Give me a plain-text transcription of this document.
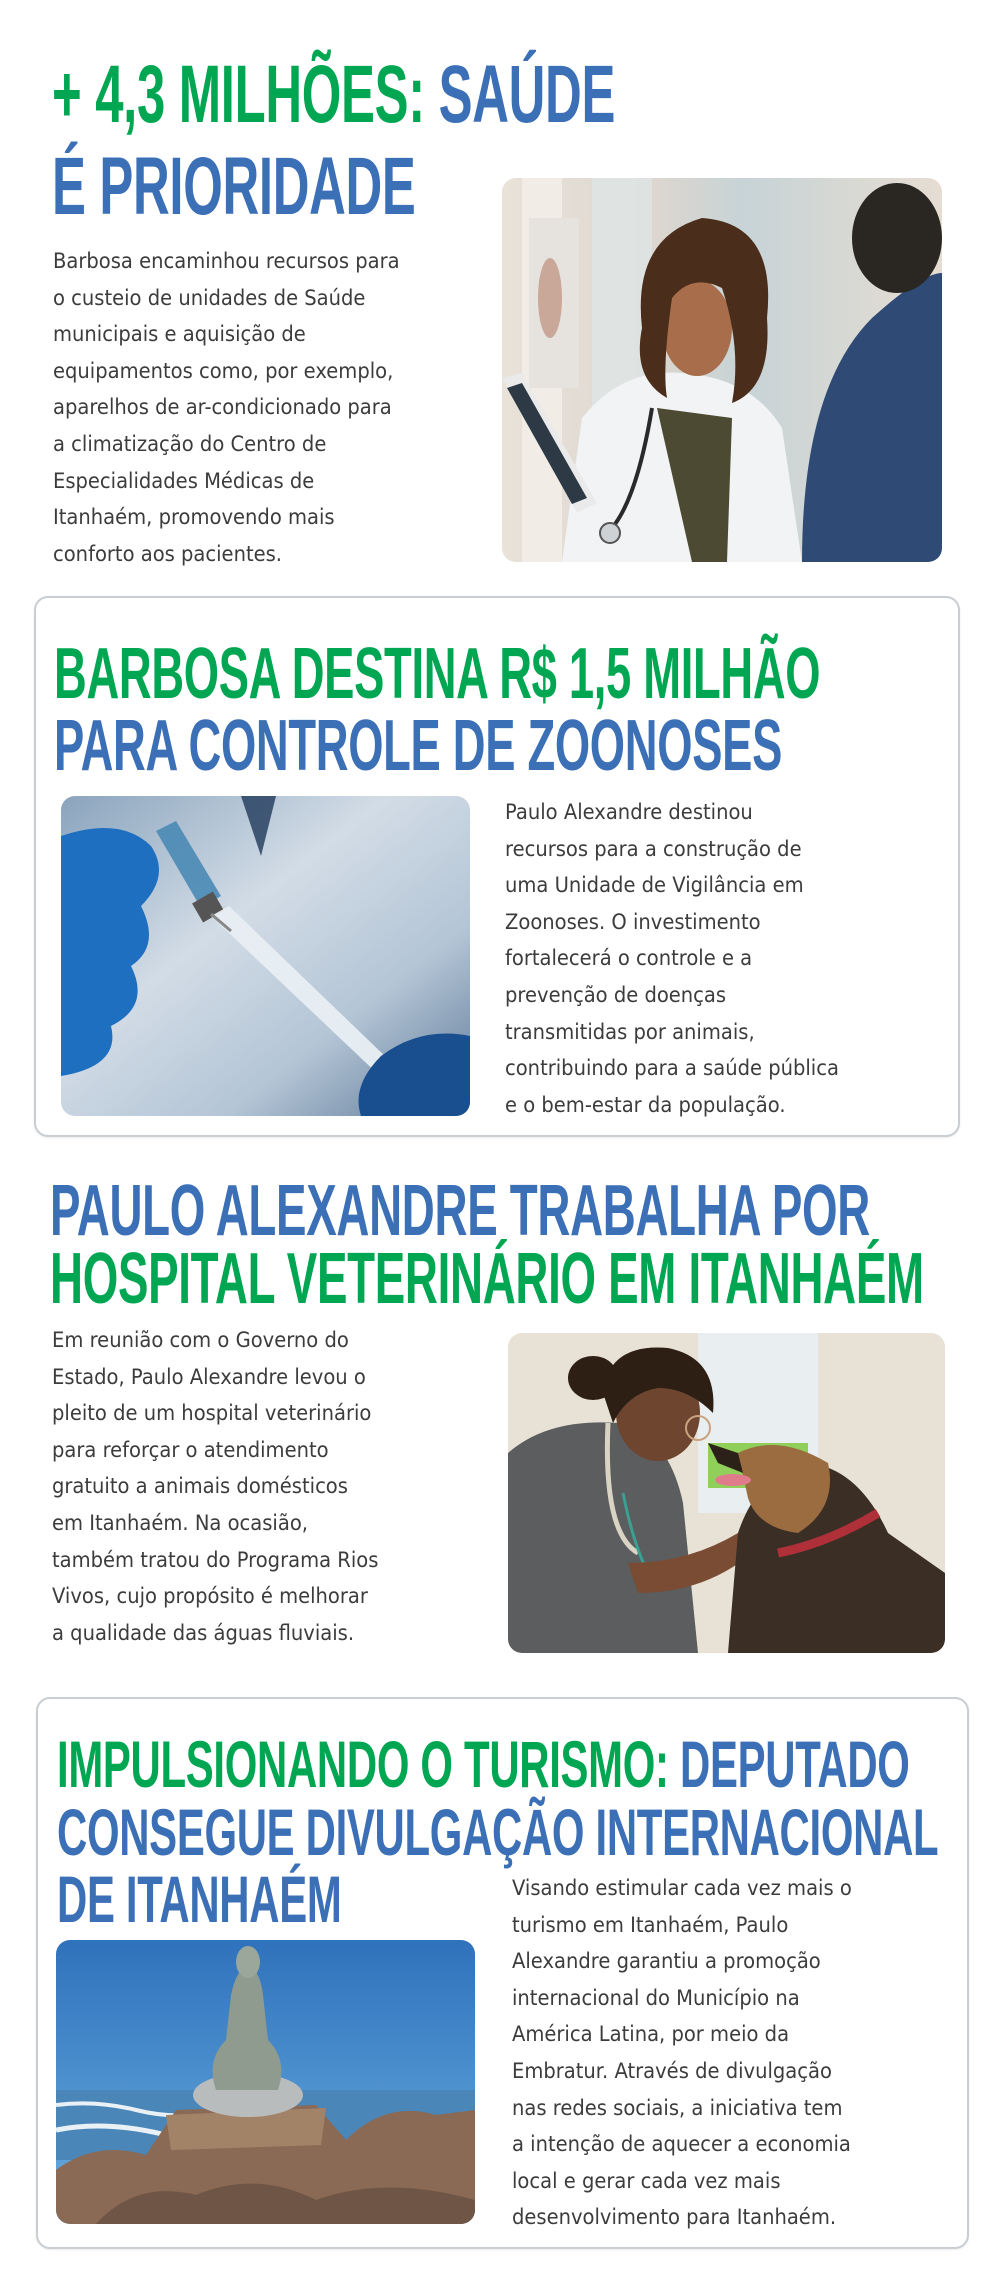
+ 4,3 MILHÕES: SAÚDE
É PRIORIDADE
Barbosa encaminhou recursos para
o custeio de unidades de Saúde
municipais e aquisição de
equipamentos como, por exemplo,
aparelhos de ar-condicionado para
a climatização do Centro de
Especialidades Médicas de
Itanhaém, promovendo mais
conforto aos pacientes.
BARBOSA DESTINA R$ 1,5 MILHÃO
PARA CONTROLE DE ZOONOSES
Paulo Alexandre destinou
recursos para a construção de
uma Unidade de Vigilância em
Zoonoses. O investimento
fortalecerá o controle e a
prevenção de doenças
transmitidas por animais,
contribuindo para a saúde pública
e o bem-estar da população.
PAULO ALEXANDRE TRABALHA POR
HOSPITAL VETERINÁRIO EM ITANHAÉM
Em reunião com o Governo do
Estado, Paulo Alexandre levou o
pleito de um hospital veterinário
para reforçar o atendimento
gratuito a animais domésticos
em Itanhaém. Na ocasião,
também tratou do Programa Rios
Vivos, cujo propósito é melhorar
a qualidade das águas fluviais.
IMPULSIONANDO O TURISMO: DEPUTADO
CONSEGUE DIVULGAÇÃO INTERNACIONAL
DE ITANHAÉM	Visando estimular cada vez mais o
turismo em Itanhaém, Paulo
Alexandre garantiu a promoção
internacional do Município na
América Latina, por meio da
Embratur. Através de divulgação
nas redes sociais, a iniciativa tem
a intenção de aquecer a economia
local e gerar cada vez mais
desenvolvimento para Itanhaém.
